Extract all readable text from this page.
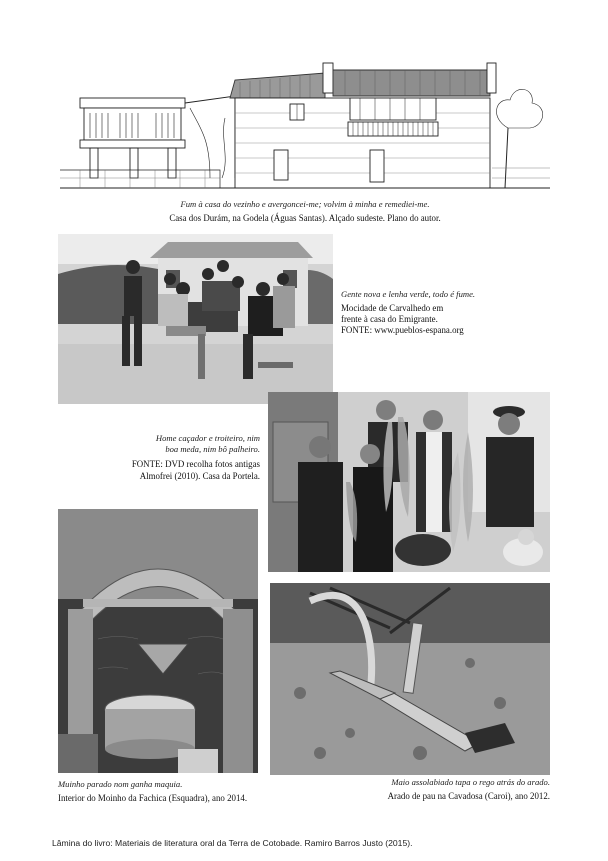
Fum à casa do vezinho e avergoncei-me; volvim à minha e remediei-me.
Casa dos Durám, na Godela (Águas Santas). Alçado sudeste. Plano do autor.
Gente nova e lenha verde, todo é fume.
Mocidade de Carvalhedo em
frente à casa do Emigrante.
FONTE: www.pueblos-espana.org
Home caçador e troiteiro, nim
boa meda, nim bô palheiro.
FONTE: DVD recolha fotos antigas
Almofrei (2010). Casa da Portela.
Muinho parado nom ganha maquia.
Interior do Moinho da Fachica (Esquadra), ano 2014.
Maio assolabiado tapa o rego atrás do arado.
Arado de pau na Cavadosa (Caroi), ano 2012.
Lâmina do livro: Materiais de literatura oral da Terra de Cotobade. Ramiro Barros Justo (2015).
